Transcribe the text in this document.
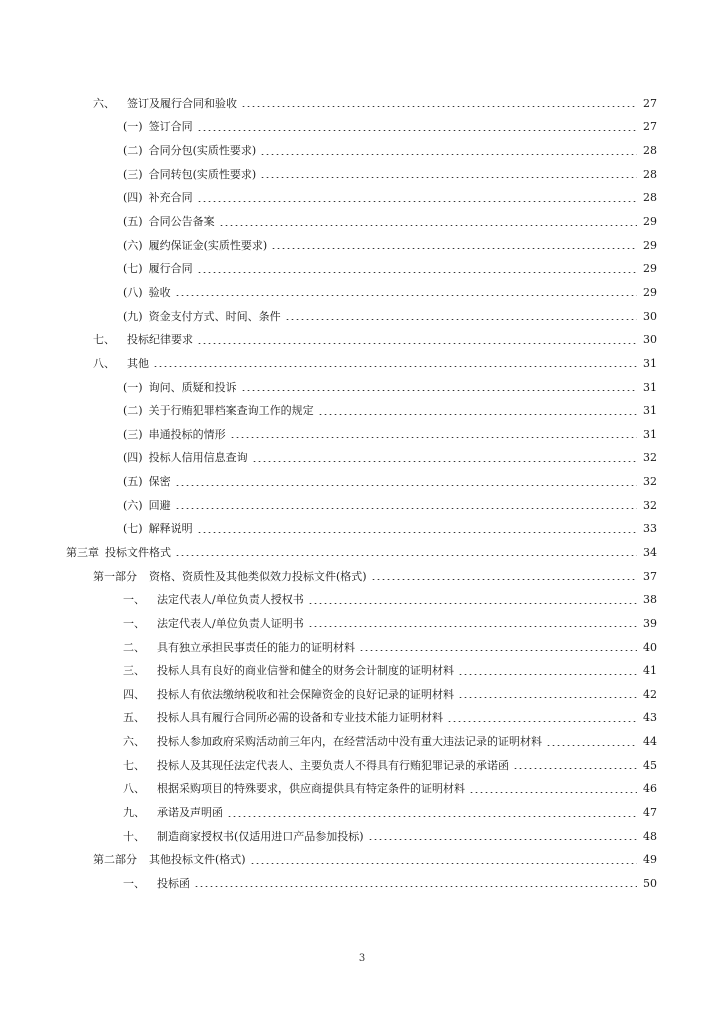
六、 签订及履行合同和验收	27
(一) 签订合同	27
(二) 合同分包(实质性要求)	28
(三) 合同转包(实质性要求)	28
(四) 补充合同	28
(五) 合同公告备案	29
(六) 履约保证金(实质性要求)	29
(七) 履行合同	29
(八) 验收	29
(九) 资金支付方式、时间、条件	30
七、 投标纪律要求	30
八、 其他	31
(一) 询问、质疑和投诉	31
(二) 关于行贿犯罪档案查询工作的规定	31
(三) 串通投标的情形	31
(四) 投标人信用信息查询	32
(五) 保密	32
(六) 回避	32
(七) 解释说明	33
第三章 投标文件格式	34
第一部分 资格、资质性及其他类似效力投标文件(格式)	37
一、 法定代表人/单位负责人授权书	38
一、 法定代表人/单位负责人证明书	39
二、 具有独立承担民事责任的能力的证明材料	40
三、 投标人具有良好的商业信誉和健全的财务会计制度的证明材料	41
四、 投标人有依法缴纳税收和社会保障资金的良好记录的证明材料	42
五、 投标人具有履行合同所必需的设备和专业技术能力证明材料	43
六、 投标人参加政府采购活动前三年内，在经营活动中没有重大违法记录的证明材料	44
七、 投标人及其现任法定代表人、主要负责人不得具有行贿犯罪记录的承诺函	45
八、 根据采购项目的特殊要求，供应商提供具有特定条件的证明材料	46
九、 承诺及声明函	47
十、 制造商家授权书(仅适用进口产品参加投标)	48
第二部分 其他投标文件(格式)	49
一、 投标函	50
3
